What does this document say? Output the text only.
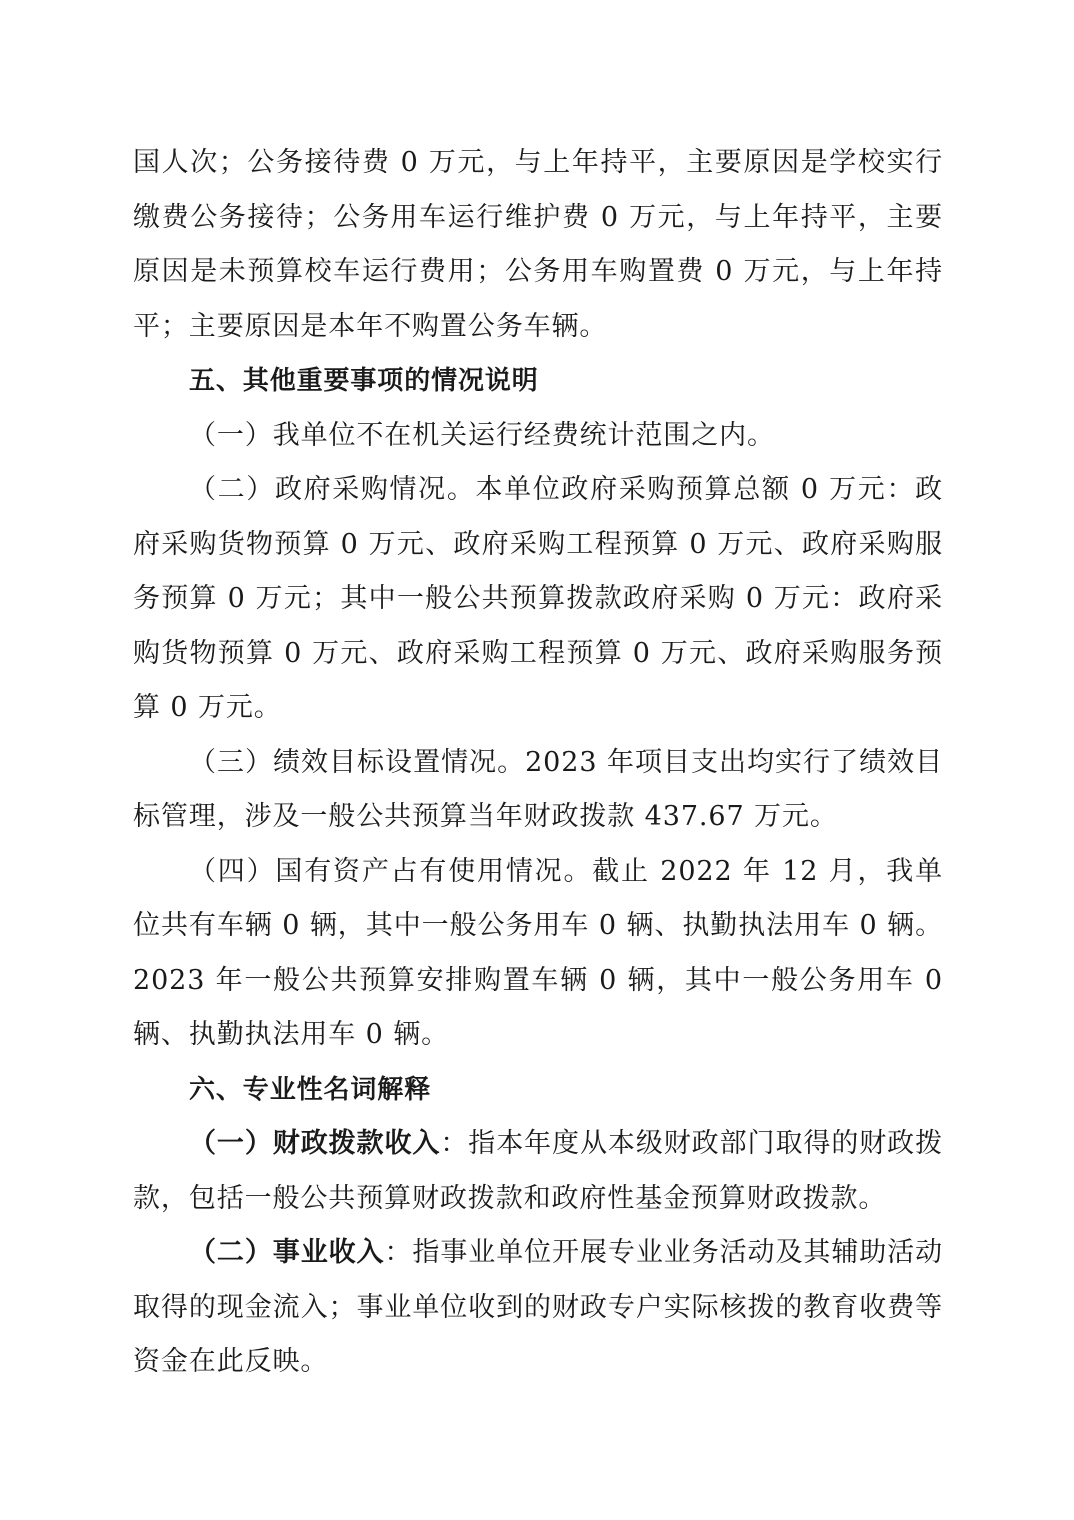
国人次；公务接待费 0 万元，与上年持平，主要原因是学校实行缴费公务接待；公务用车运行维护费 0 万元，与上年持平，主要原因是未预算校车运行费用；公务用车购置费 0 万元，与上年持平；主要原因是本年不购置公务车辆。

五、其他重要事项的情况说明

（一）我单位不在机关运行经费统计范围之内。

（二）政府采购情况。本单位政府采购预算总额 0 万元：政府采购货物预算 0 万元、政府采购工程预算 0 万元、政府采购服务预算 0 万元；其中一般公共预算拨款政府采购 0 万元：政府采购货物预算 0 万元、政府采购工程预算 0 万元、政府采购服务预算 0 万元。

（三）绩效目标设置情况。2023 年项目支出均实行了绩效目标管理，涉及一般公共预算当年财政拨款 437.67 万元。

（四）国有资产占有使用情况。截止 2022 年 12 月，我单位共有车辆 0 辆，其中一般公务用车 0 辆、执勤执法用车 0 辆。2023 年一般公共预算安排购置车辆 0 辆，其中一般公务用车 0 辆、执勤执法用车 0 辆。

六、专业性名词解释

（一）财政拨款收入：指本年度从本级财政部门取得的财政拨款，包括一般公共预算财政拨款和政府性基金预算财政拨款。

（二）事业收入：指事业单位开展专业业务活动及其辅助活动取得的现金流入；事业单位收到的财政专户实际核拨的教育收费等资金在此反映。
